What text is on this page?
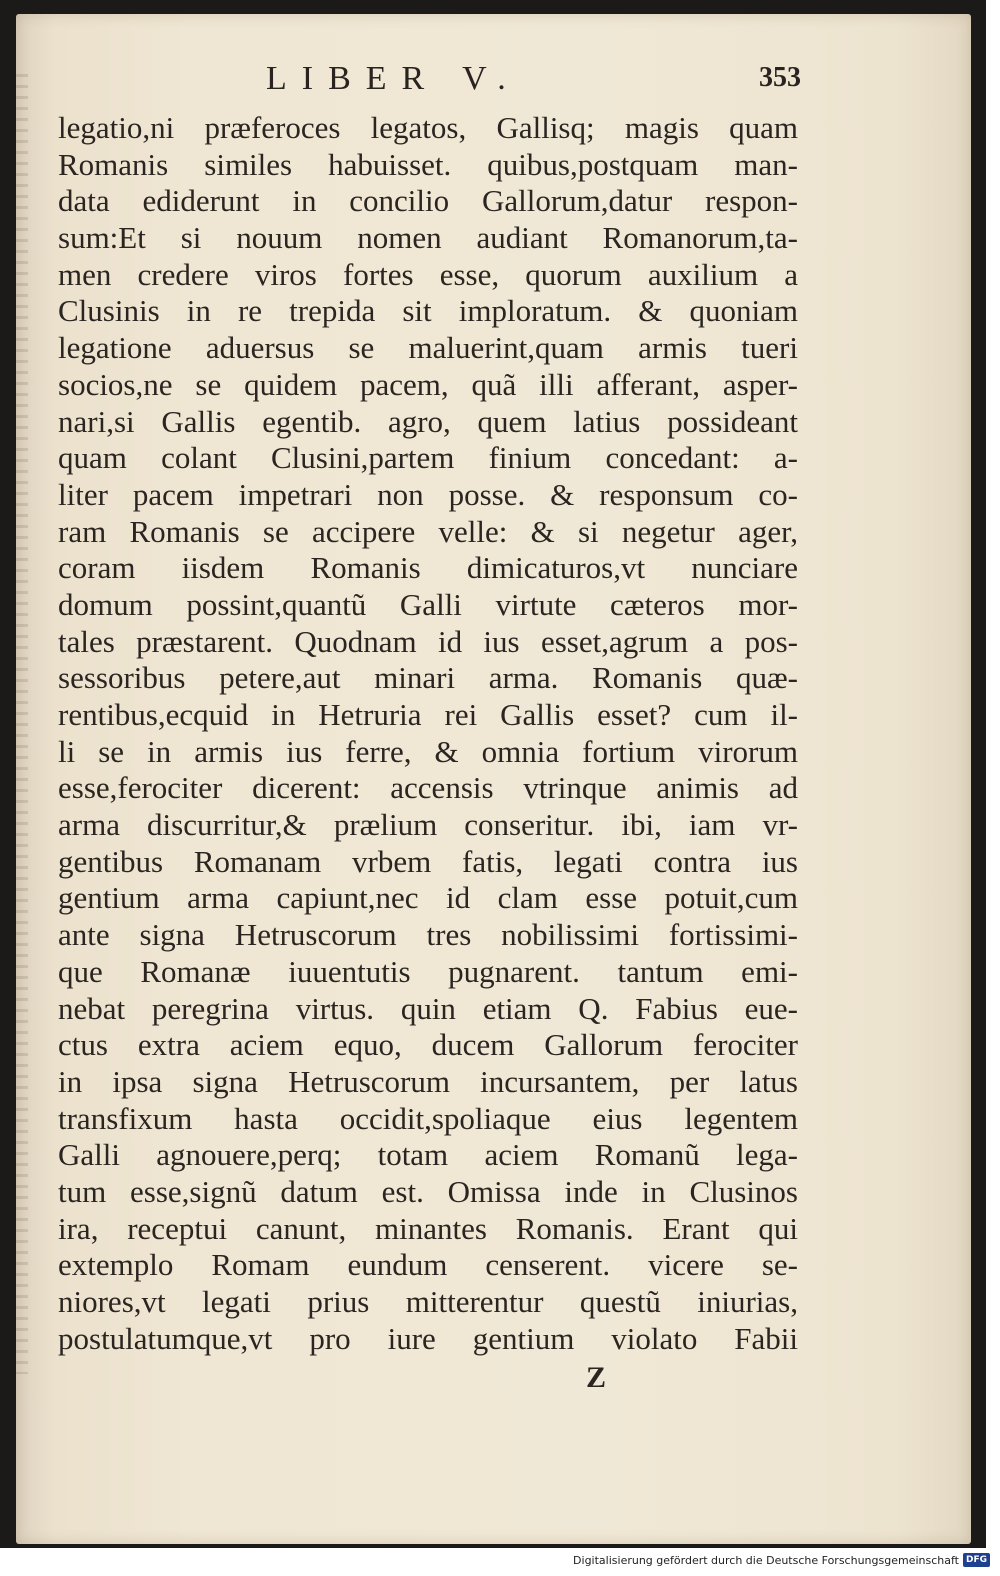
LIBER V.	353
legatio,ni præferoces legatos, Gallisq; magis quam
Romanis similes habuisset. quibus,postquam man-
data ediderunt in concilio Gallorum,datur respon-
sum:Et si nouum nomen audiant Romanorum,ta-
men credere viros fortes esse, quorum auxilium a
Clusinis in re trepida sit imploratum. & quoniam
legatione aduersus se maluerint,quam armis tueri
socios,ne se quidem pacem, quã illi afferant, asper-
nari,si Gallis egentib. agro, quem latius possideant
quam colant Clusini,partem finium concedant: a-
liter pacem impetrari non posse. & responsum co-
ram Romanis se accipere velle: & si negetur ager,
coram iisdem Romanis dimicaturos,vt nunciare
domum possint,quantũ Galli virtute cæteros mor-
tales præstarent. Quodnam id ius esset,agrum a pos-
sessoribus petere,aut minari arma. Romanis quæ-
rentibus,ecquid in Hetruria rei Gallis esset? cum il-
li se in armis ius ferre, & omnia fortium virorum
esse,ferociter dicerent: accensis vtrinque animis ad
arma discurritur,& prælium conseritur. ibi, iam vr-
gentibus Romanam vrbem fatis, legati contra ius
gentium arma capiunt,nec id clam esse potuit,cum
ante signa Hetruscorum tres nobilissimi fortissimi-
que Romanæ iuuentutis pugnarent. tantum emi-
nebat peregrina virtus. quin etiam Q. Fabius eue-
ctus extra aciem equo, ducem Gallorum ferociter
in ipsa signa Hetruscorum incursantem, per latus
transfixum hasta occidit,spoliaque eius legentem
Galli agnouere,perq; totam aciem Romanũ lega-
tum esse,signũ datum est. Omissa inde in Clusinos
ira, receptui canunt, minantes Romanis. Erant qui
extemplo Romam eundum censerent. vicere se-
niores,vt legati prius mitterentur questũ iniurias,
postulatumque,vt pro iure gentium violato Fabii
Z
Digitalisierung gefördert durch die Deutsche Forschungsgemeinschaft DFG
